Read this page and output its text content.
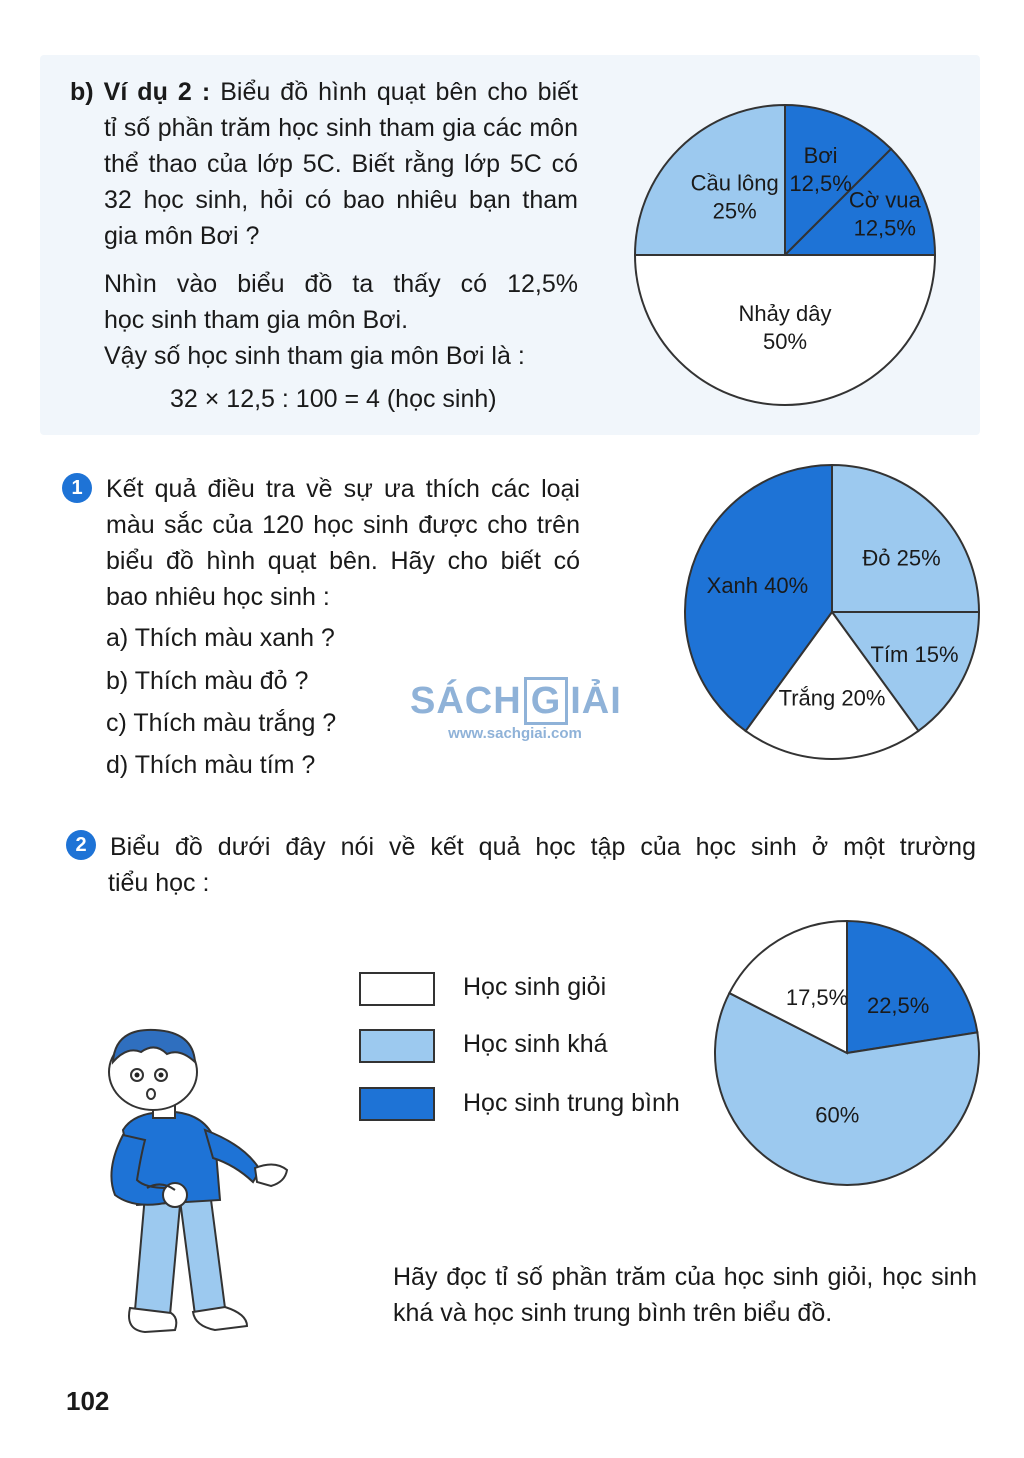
b) Ví dụ 2 : Biểu đồ hình quạt bên cho biết

tỉ số phần trăm học sinh tham gia các môn

thể thao của lớp 5C. Biết rằng lớp 5C có

32 học sinh, hỏi có bao nhiêu bạn tham

gia môn Bơi ?

Nhìn vào biểu đồ ta thấy có 12,5%

học sinh tham gia môn Bơi.

Vậy số học sinh tham gia môn Bơi là :

32 × 12,5 : 100 = 4 (học sinh)
Bơi 12,5%
Cờ vua 12,5%
Nhảy dây 50%
Cầu lông 25%
1 Kết quả điều tra về sự ưa thích các loại

màu sắc của 120 học sinh được cho trên

biểu đồ hình quạt bên. Hãy cho biết có

bao nhiêu học sinh :

a) Thích màu xanh ?
b) Thích màu đỏ ?
c) Thích màu trắng ?
d) Thích màu tím ?
Đỏ 25%
Tím 15%
Trắng 20%
Xanh 40%
SÁCH G IẢI
www.sachgiai.com
2 Biểu đồ dưới đây nói về kết quả học tập của học sinh ở một trường
tiểu học :
Học sinh giỏi
Học sinh khá
Học sinh trung bình
22,5%
60%
17,5%

Hãy đọc tỉ số phần trăm của học sinh giỏi, học sinh

khá và học sinh trung bình trên biểu đồ.

102
